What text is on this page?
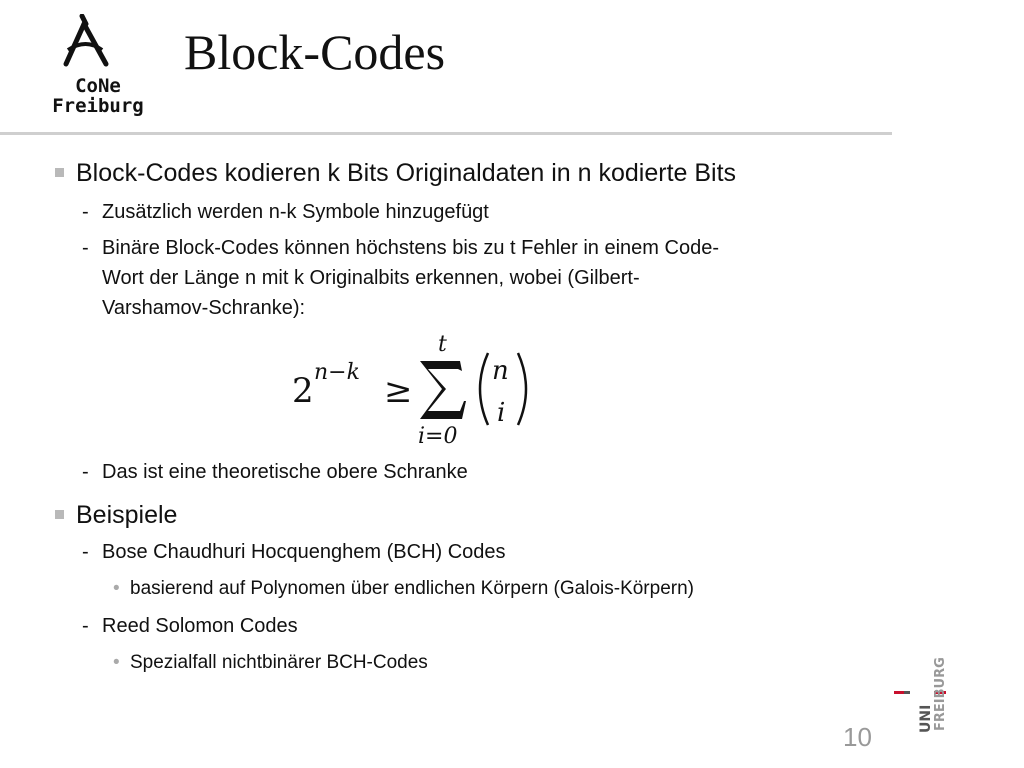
CoNe
Freiburg
Block-Codes

Block-Codes kodieren k Bits Originaldaten in n kodierte Bits

- Zusätzlich werden n-k Symbole hinzugefügt

- Binäre Block-Codes können höchstens bis zu t Fehler in einem Code-
Wort der Länge n mit k Originalbits erkennen, wobei (Gilbert-
Varshamov-Schranke):

2 n−k ≥
t
i=0
n
i

- Das ist eine theoretische obere Schranke

Beispiele

- Bose Chaudhuri Hocquenghem (BCH) Codes

• basierend auf Polynomen über endlichen Körpern (Galois-Körpern)

- Reed Solomon Codes

• Spezialfall nichtbinärer BCH-Codes

10
UNI FREIBURG
